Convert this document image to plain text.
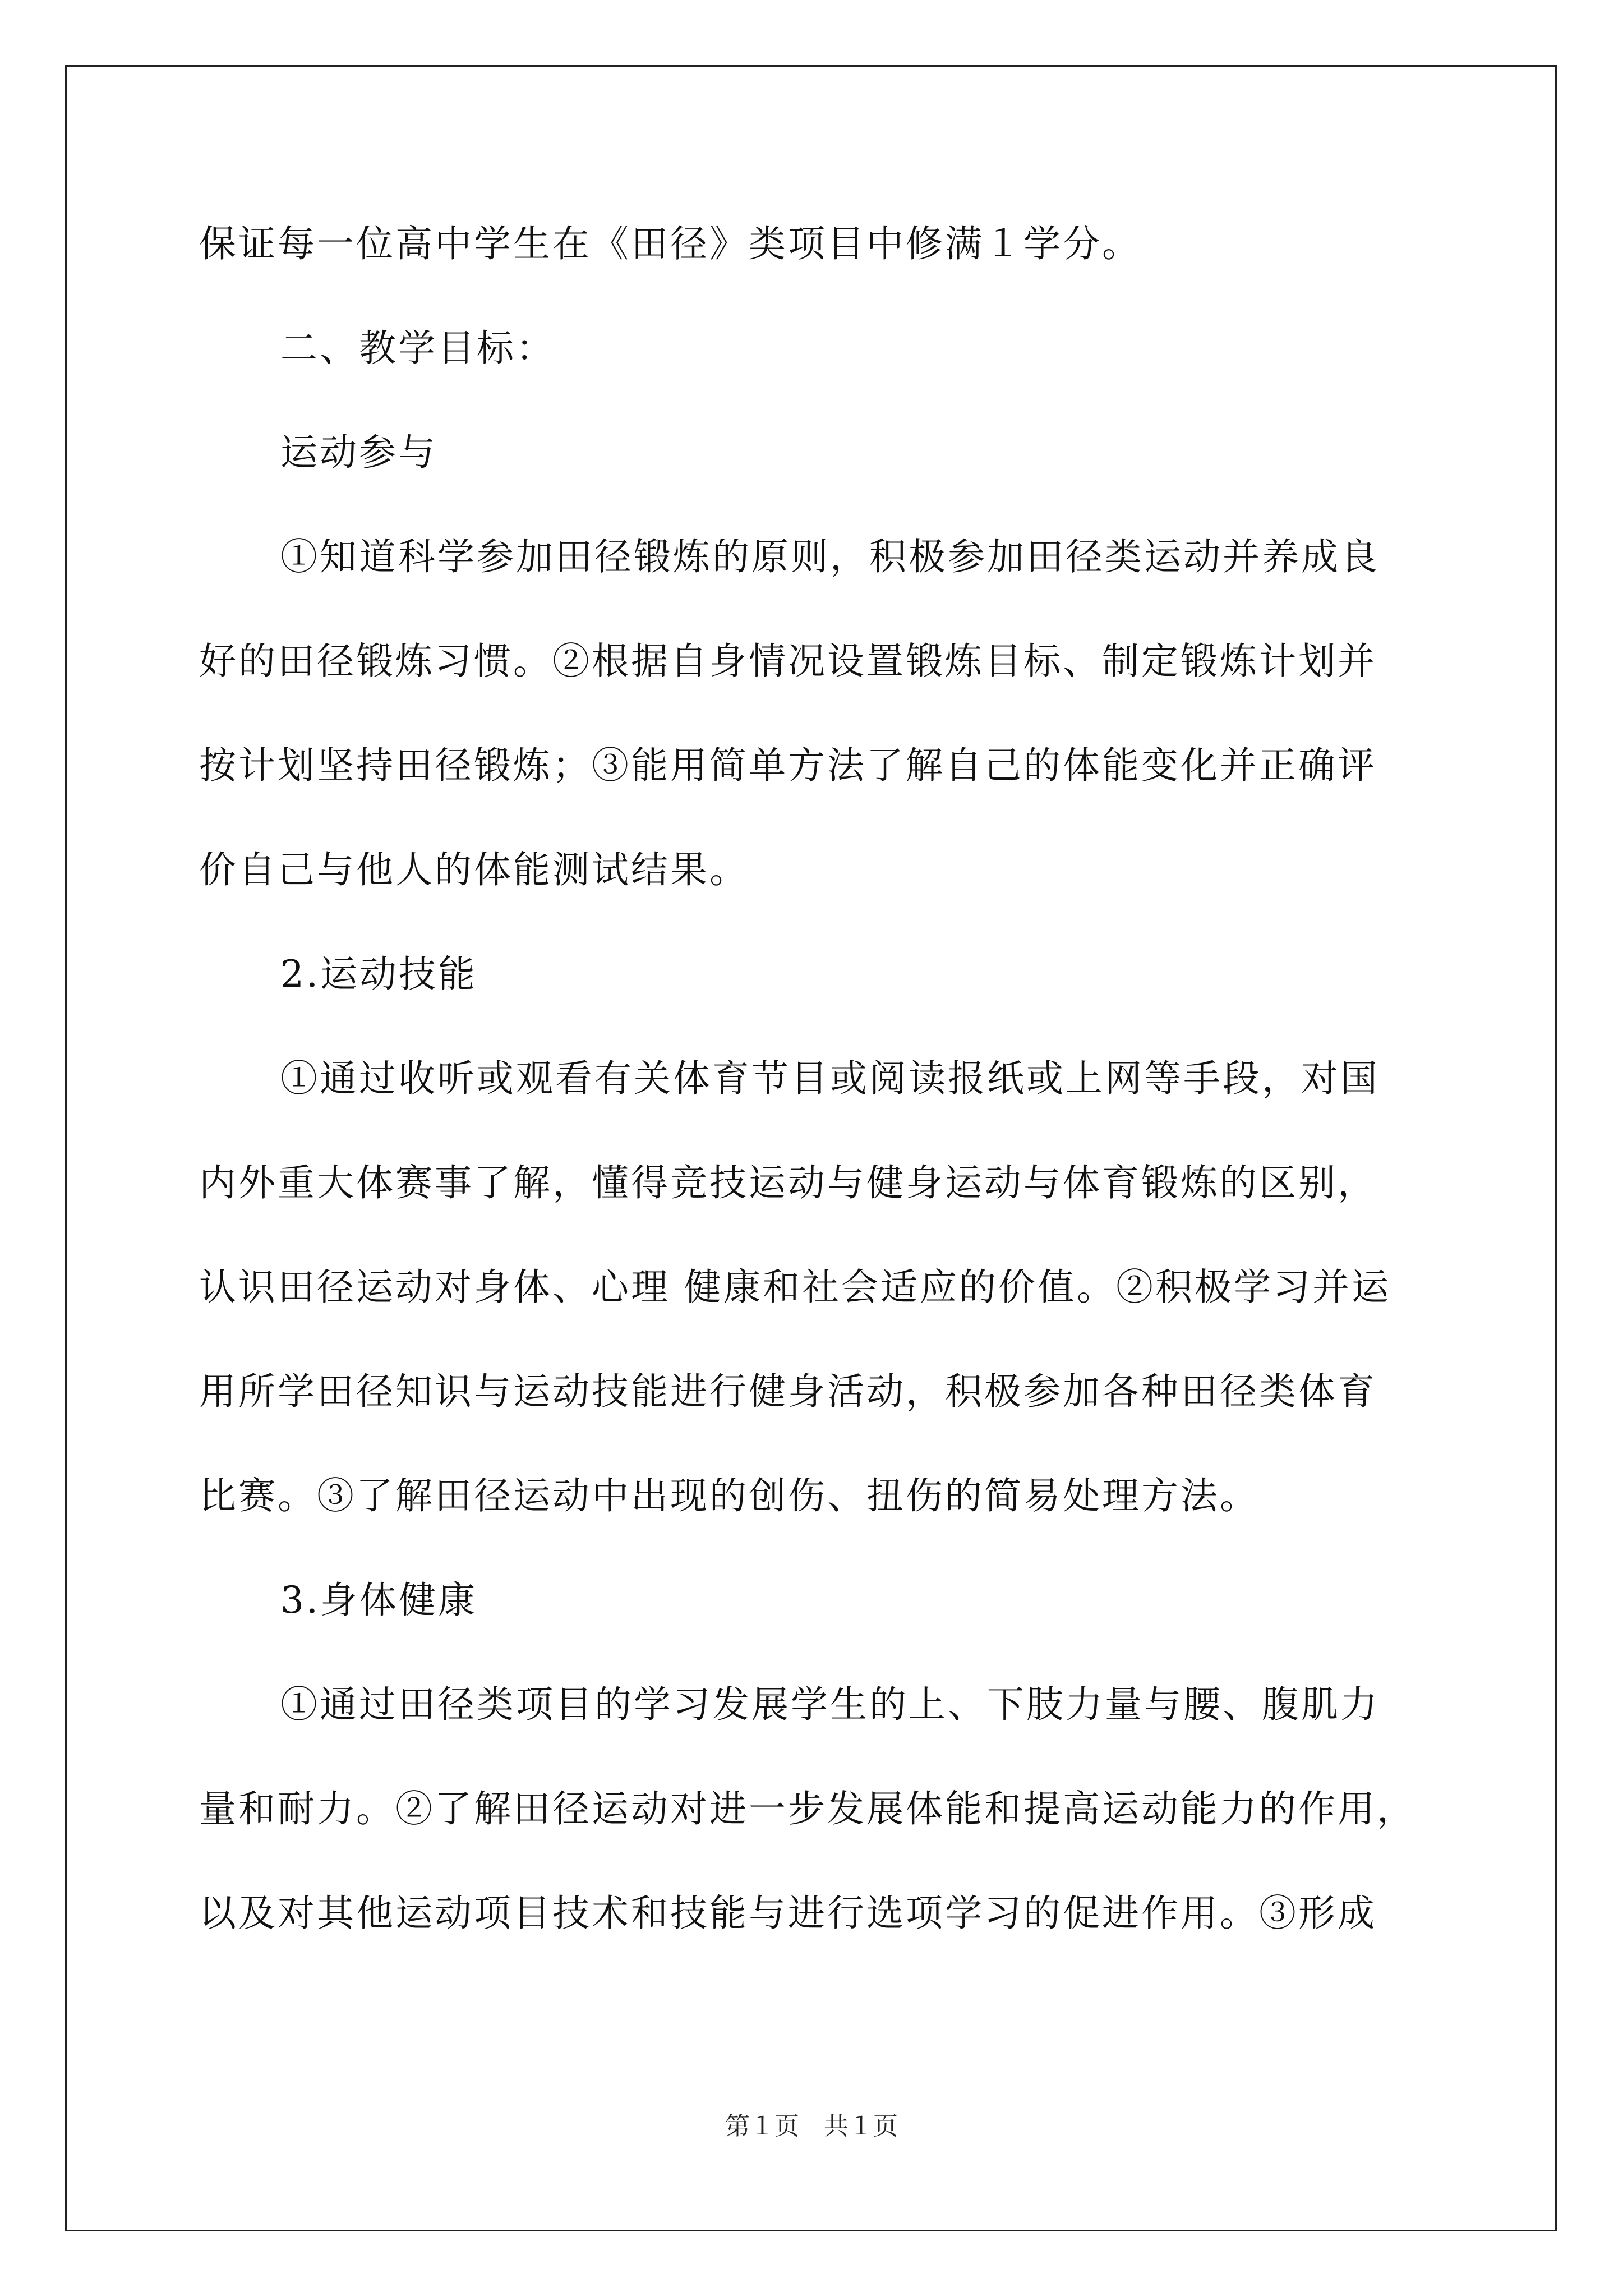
保证每一位高中学生在《田径》类项目中修满１学分。
二、教学目标：
运动参与
①知道科学参加田径锻炼的原则，积极参加田径类运动并养成良
好的田径锻炼习惯。②根据自身情况设置锻炼目标、制定锻炼计划并
按计划坚持田径锻炼；③能用简单方法了解自己的体能变化并正确评
价自己与他人的体能测试结果。
2.运动技能
①通过收听或观看有关体育节目或阅读报纸或上网等手段，对国
内外重大体赛事了解，懂得竞技运动与健身运动与体育锻炼的区别，
认识田径运动对身体、心理 健康和社会适应的价值。②积极学习并运
用所学田径知识与运动技能进行健身活动，积极参加各种田径类体育
比赛。③了解田径运动中出现的创伤、扭伤的简易处理方法。
3.身体健康
①通过田径类项目的学习发展学生的上、下肢力量与腰、腹肌力
量和耐力。②了解田径运动对进一步发展体能和提高运动能力的作用，
以及对其他运动项目技术和技能与进行选项学习的促进作用。③形成
第１页　共１页
